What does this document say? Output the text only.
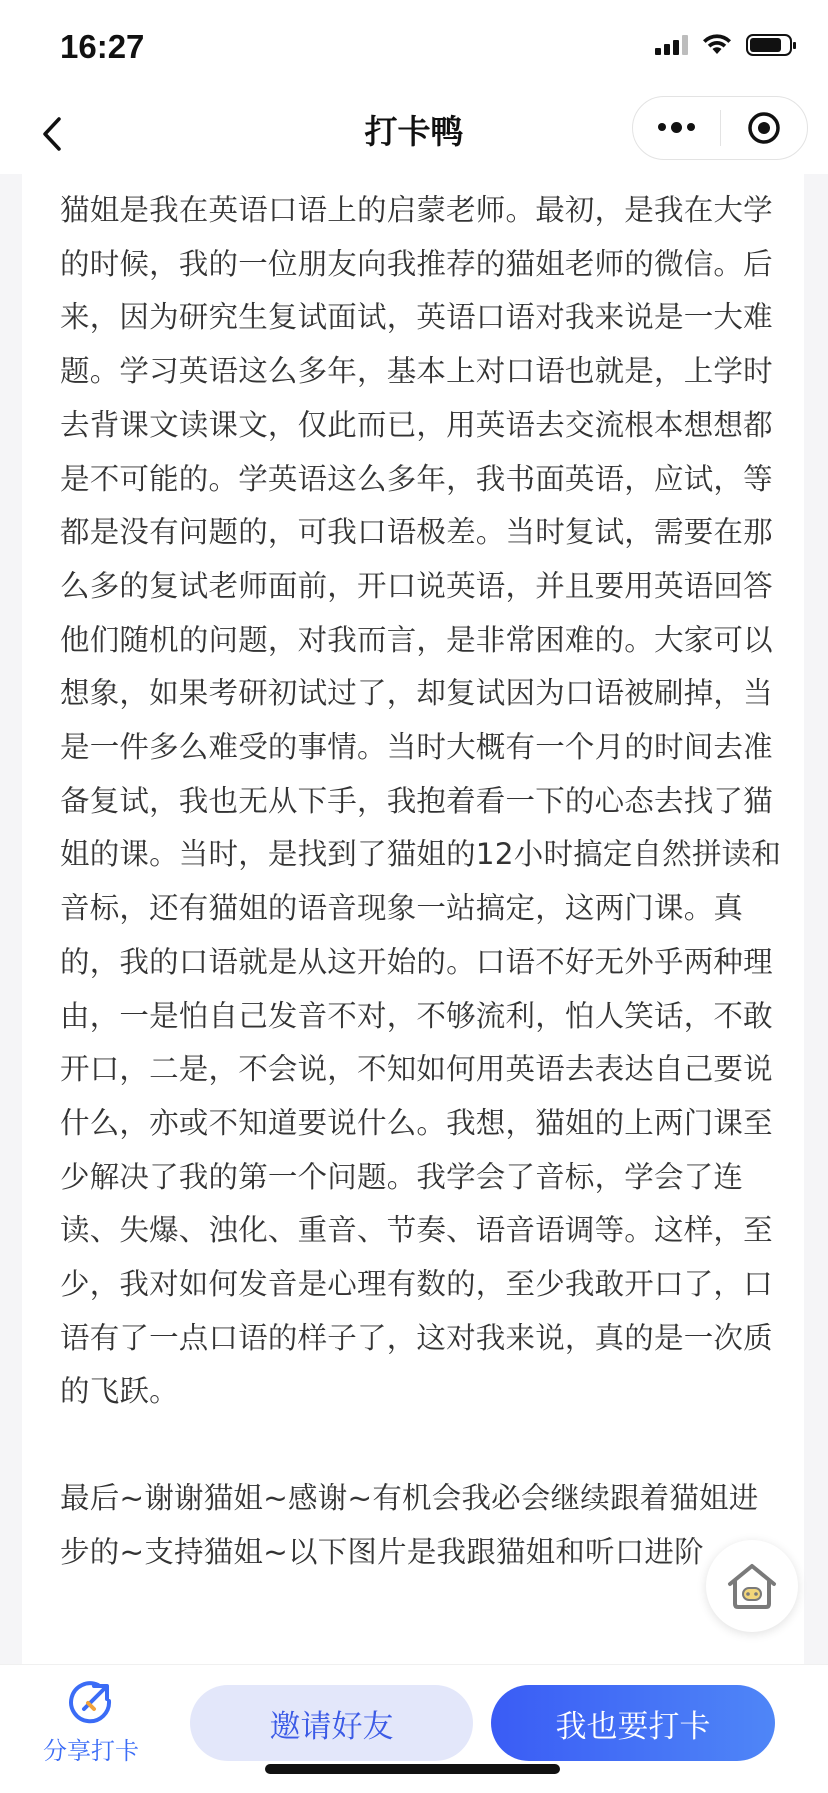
16:27
打卡鸭

猫姐是我在英语口语上的启蒙老师。最初，是我在大学的时候，我的一位朋友向我推荐的猫姐老师的微信。后来，因为研究生复试面试，英语口语对我来说是一大难题。学习英语这么多年，基本上对口语也就是，上学时去背课文读课文，仅此而已，用英语去交流根本想想都是不可能的。学英语这么多年，我书面英语，应试，等都是没有问题的，可我口语极差。当时复试，需要在那么多的复试老师面前，开口说英语，并且要用英语回答他们随机的问题，对我而言，是非常困难的。大家可以想象，如果考研初试过了，却复试因为口语被刷掉，当是一件多么难受的事情。当时大概有一个月的时间去准备复试，我也无从下手，我抱着看一下的心态去找了猫姐的课。当时，是找到了猫姐的12小时搞定自然拼读和音标，还有猫姐的语音现象一站搞定，这两门课。真的，我的口语就是从这开始的。口语不好无外乎两种理由，一是怕自己发音不对，不够流利，怕人笑话，不敢开口，二是，不会说，不知如何用英语去表达自己要说什么，亦或不知道要说什么。我想，猫姐的上两门课至少解决了我的第一个问题。我学会了音标，学会了连读、失爆、浊化、重音、节奏、语音语调等。这样，至少，我对如何发音是心理有数的，至少我敢开口了，口语有了一点口语的样子了，这对我来说，真的是一次质的飞跃。

最后~谢谢猫姐~感谢~有机会我必会继续跟着猫姐进步的~支持猫姐~以下图片是我跟猫姐和听口进阶

分享打卡
邀请好友	我也要打卡
